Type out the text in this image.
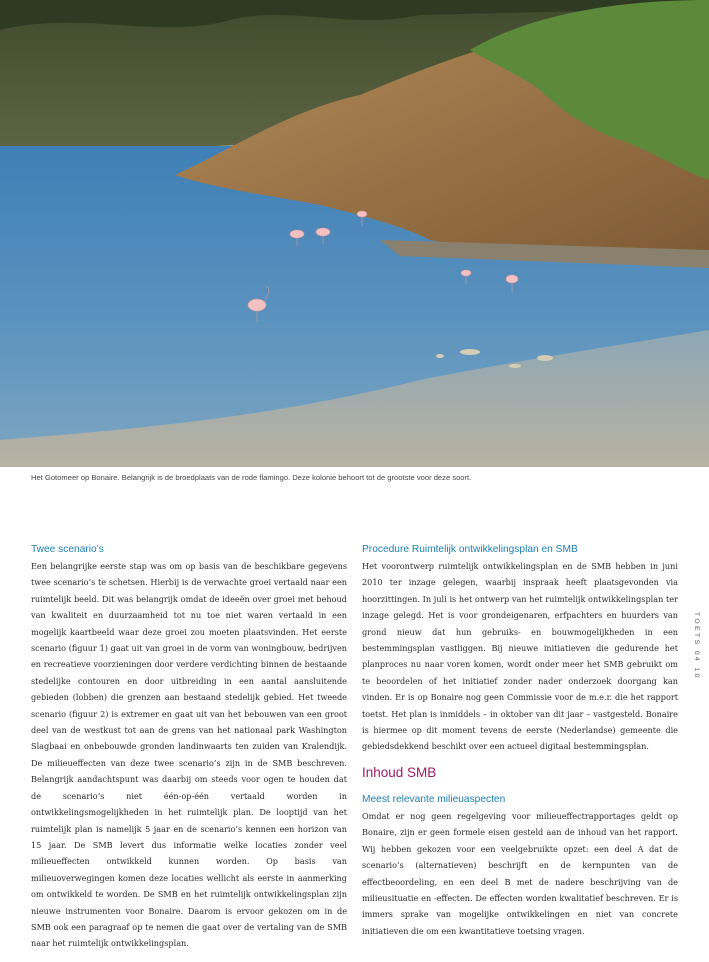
Het Gotomeer op Bonaire. Belangrijk is de broedplaats van de rode flamingo. Deze kolonie behoort tot de grootste voor deze soort.
TOETS 04 10
Twee scenario’s

Een belangrijke eerste stap was om op basis van de beschikbare gegevens twee scenario’s te schetsen. Hierbij is de verwachte groei vertaald naar een ruimtelijk beeld. Dit was belangrijk omdat de ideeën over groei met behoud van kwaliteit en duurzaamheid tot nu toe niet waren vertaald in een mogelijk kaartbeeld waar deze groei zou moeten plaatsvinden. Het eerste scenario (figuur 1) gaat uit van groei in de vorm van woningbouw, bedrijven en recreatieve voorzieningen door verdere verdichting binnen de bestaande stedelijke contouren en door uitbreiding in een aantal aansluitende gebieden (lobben) die grenzen aan bestaand stedelijk gebied. Het tweede scenario (figuur 2) is extremer en gaat uit van het bebouwen van een groot deel van de westkust tot aan de grens van het nationaal park Washington Slagbaai en onbebouwde gronden landinwaarts ten zuiden van Kralendijk. De milieueffecten van deze twee scenario’s zijn in de SMB beschreven. Belangrijk aandachtspunt was daarbij om steeds voor ogen te houden dat de scenario’s niet één-op-één vertaald worden in ontwikkelingsmogelijkheden in het ruimtelijk plan. De looptijd van het ruimtelijk plan is namelijk 5 jaar en de scenario’s kennen een horizon van 15 jaar. De SMB levert dus informatie welke locaties zonder veel milieueffecten ontwikkeld kunnen worden. Op basis van milieuoverwegingen komen deze locaties wellicht als eerste in aanmerking om ontwikkeld te worden. De SMB en het ruimtelijk ontwikkelingsplan zijn nieuwe instrumenten voor Bonaire. Daarom is ervoor gekozen om in de SMB ook een paragraaf op te nemen die gaat over de vertaling van de SMB naar het ruimtelijk ontwikkelingsplan.

Procedure Ruimtelijk ontwikkelingsplan en SMB

Het voorontwerp ruimtelijk ontwikkelingsplan en de SMB hebben in juni 2010 ter inzage gelegen, waarbij inspraak heeft plaatsgevonden via hoorzittingen. In juli is het ontwerp van het ruimtelijk ontwikkelingsplan ter inzage gelegd. Het is voor grondeigenaren, erfpachters en huurders van grond nieuw dat hun gebruiks- en bouwmogelijkheden in een bestemmingsplan vastliggen. Bij nieuwe initiatieven die gedurende het planproces nu naar voren komen, wordt onder meer het SMB gebruikt om te beoordelen of het initiatief zonder nader onderzoek doorgang kan vinden. Er is op Bonaire nog geen Commissie voor de m.e.r. die het rapport toetst. Het plan is inmiddels – in oktober van dit jaar – vastgesteld. Bonaire is hiermee op dit moment tevens de eerste (Nederlandse) gemeente die gebiedsdekkend beschikt over een actueel digitaal bestemmingsplan.

Inhoud SMB
Meest relevante milieuaspecten

Omdat er nog geen regelgeving voor milieueffectrapportages geldt op Bonaire, zijn er geen formele eisen gesteld aan de inhoud van het rapport. Wij hebben gekozen voor een veelgebruikte opzet: een deel A dat de scenario’s (alternatieven) beschrijft en de kernpunten van de effectbeoordeling, en een deel B met de nadere beschrijving van de milieusituatie en -effecten. De effecten worden kwalitatief beschreven. Er is immers sprake van mogelijke ontwikkelingen en niet van concrete initiatieven die om een kwantitatieve toetsing vragen.
